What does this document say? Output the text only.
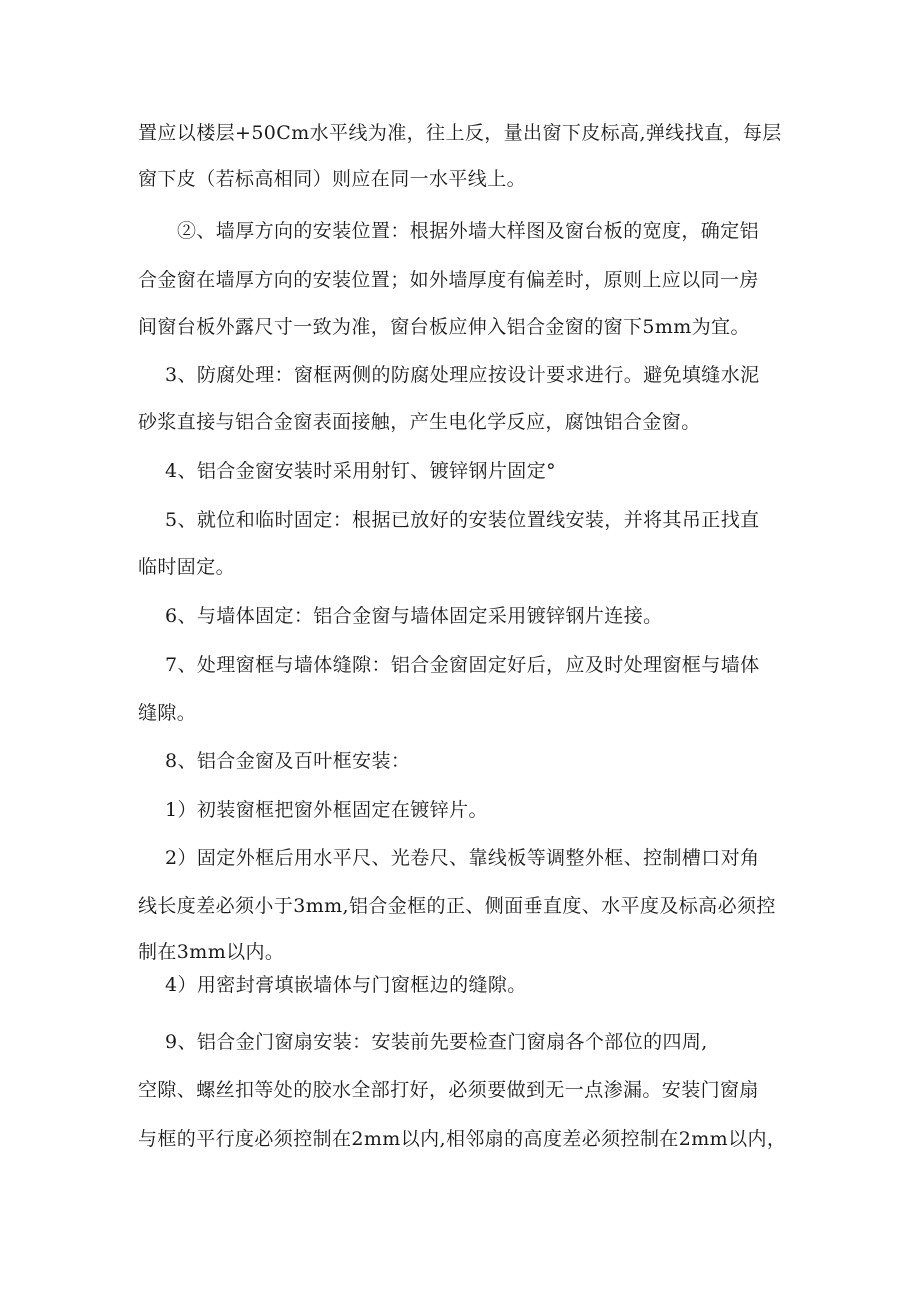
置应以楼层+50Cm水平线为准，往上反，量出窗下皮标高,弹线找直，每层
窗下皮（若标高相同）则应在同一水平线上。
②、墙厚方向的安装位置：根据外墙大样图及窗台板的宽度，确定铝
合金窗在墙厚方向的安装位置；如外墙厚度有偏差时，原则上应以同一房
间窗台板外露尺寸一致为准，窗台板应伸入铝合金窗的窗下5mm为宜。
3、防腐处理：窗框两侧的防腐处理应按设计要求进行。避免填缝水泥
砂浆直接与铝合金窗表面接触，产生电化学反应，腐蚀铝合金窗。
4、铝合金窗安装时采用射钉、镀锌钢片固定°
5、就位和临时固定：根据已放好的安装位置线安装，并将其吊正找直
临时固定。
6、与墙体固定：铝合金窗与墙体固定采用镀锌钢片连接。
7、处理窗框与墙体缝隙：铝合金窗固定好后，应及时处理窗框与墙体
缝隙。
8、铝合金窗及百叶框安装：
1）初装窗框把窗外框固定在镀锌片。
2）固定外框后用水平尺、光卷尺、靠线板等调整外框、控制槽口对角
线长度差必须小于3mm,铝合金框的正、侧面垂直度、水平度及标高必须控
制在3mm以内。
4）用密封膏填嵌墙体与门窗框边的缝隙。
9、铝合金门窗扇安装：安装前先要检查门窗扇各个部位的四周,
空隙、螺丝扣等处的胶水全部打好，必须要做到无一点渗漏。安装门窗扇
与框的平行度必须控制在2mm以内,相邻扇的高度差必须控制在2mm以内，
